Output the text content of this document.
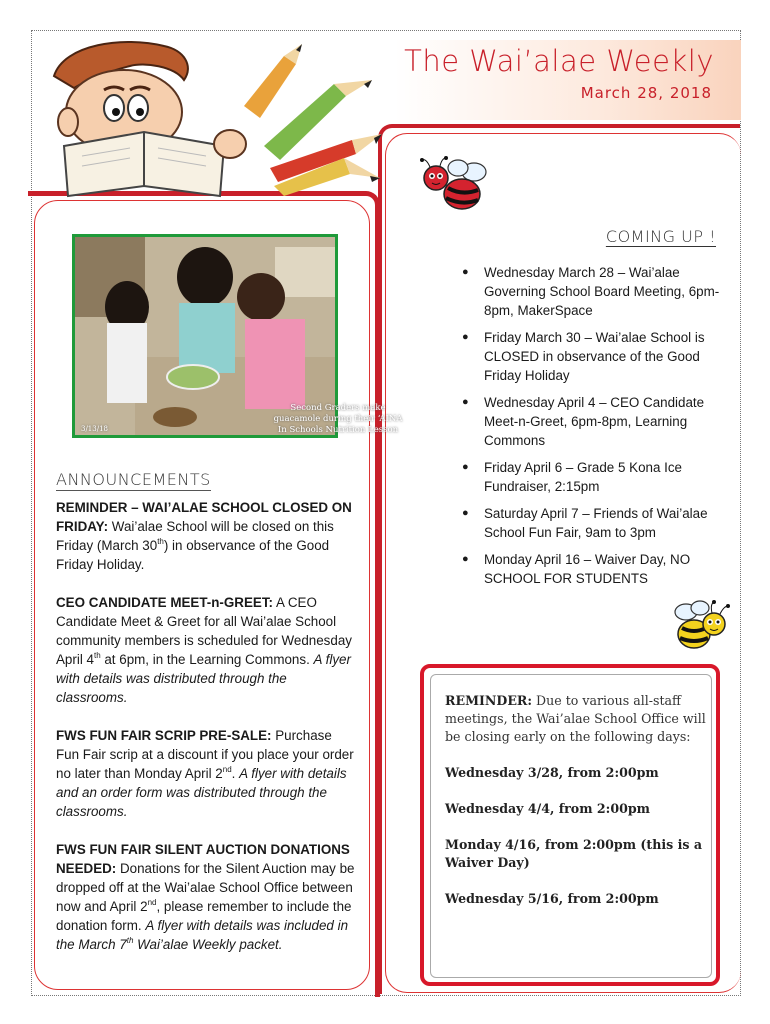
The Wai’alae Weekly
March 28, 2018
Second Graders make guacamole during their ‘AINA In Schools Nutrition Lesson
3/13/18
ANNOUNCEMENTS

REMINDER – WAI’ALAE SCHOOL CLOSED ON FRIDAY: Wai’alae School will be closed on this Friday (March 30th) in observance of the Good Friday Holiday.

CEO CANDIDATE MEET-n-GREET: A CEO Candidate Meet & Greet for all Wai’alae School community members is scheduled for Wednesday April 4th at 6pm, in the Learning Commons. A flyer with details was distributed through the classrooms.

FWS FUN FAIR SCRIP PRE-SALE: Purchase Fun Fair scrip at a discount if you place your order no later than Monday April 2nd. A flyer with details and an order form was distributed through the classrooms.

FWS FUN FAIR SILENT AUCTION DONATIONS NEEDED: Donations for the Silent Auction may be dropped off at the Wai’alae School Office between now and April 2nd, please remember to include the donation form. A flyer with details was included in the March 7th Wai’alae Weekly packet.

COMING UP !
● Wednesday March 28 – Wai’alae Governing School Board Meeting, 6pm-8pm, MakerSpace
● Friday March 30 – Wai’alae School is CLOSED in observance of the Good Friday Holiday
● Wednesday April 4 – CEO Candidate Meet-n-Greet, 6pm-8pm, Learning Commons
● Friday April 6 – Grade 5 Kona Ice Fundraiser, 2:15pm
● Saturday April 7 – Friends of Wai’alae School Fun Fair, 9am to 3pm
● Monday April 16 – Waiver Day, NO SCHOOL FOR STUDENTS

REMINDER: Due to various all-staff meetings, the Wai’alae School Office will be closing early on the following days:

Wednesday 3/28, from 2:00pm

Wednesday 4/4, from 2:00pm

Monday 4/16, from 2:00pm (this is a Waiver Day)

Wednesday 5/16, from 2:00pm
